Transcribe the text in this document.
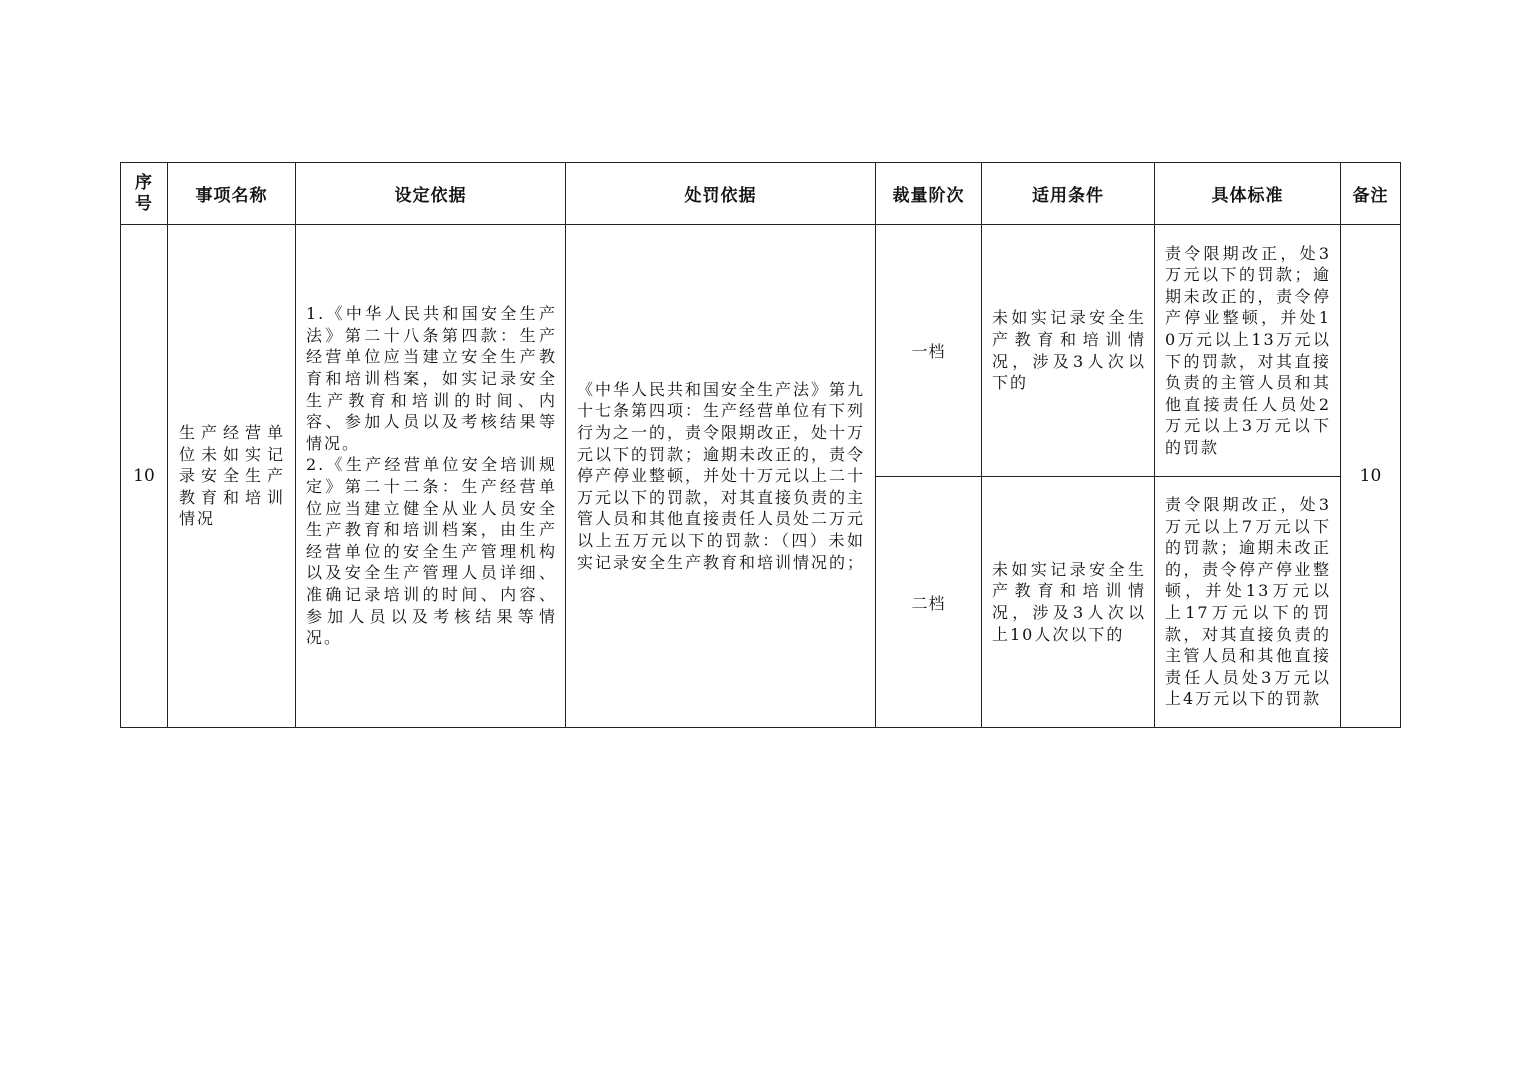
序
号	事项名称	设定依据	处罚依据	裁量阶次	适用条件	具体标准	备注
10	生产经营单位未如实记录安全生产教育和培训情况	1.《中华人民共和国安全生产法》第二十八条第四款：生产经营单位应当建立安全生产教育和培训档案，如实记录安全生产教育和培训的时间、内容、参加人员以及考核结果等情况。
2.《生产经营单位安全培训规定》第二十二条：生产经营单位应当建立健全从业人员安全生产教育和培训档案，由生产经营单位的安全生产管理机构以及安全生产管理人员详细、准确记录培训的时间、内容、参加人员以及考核结果等情况。	《中华人民共和国安全生产法》第九十七条第四项：生产经营单位有下列行为之一的，责令限期改正，处十万元以下的罚款；逾期未改正的，责令停产停业整顿，并处十万元以上二十万元以下的罚款，对其直接负责的主管人员和其他直接责任人员处二万元以上五万元以下的罚款：（四）未如实记录安全生产教育和培训情况的；	一档	未如实记录安全生产教育和培训情况，涉及3人次以下的	责令限期改正，处3万元以下的罚款；逾期未改正的，责令停产停业整顿，并处10万元以上13万元以下的罚款，对其直接负责的主管人员和其他直接责任人员处2万元以上3万元以下的罚款	10
				二档	未如实记录安全生产教育和培训情况，涉及3人次以上10人次以下的	责令限期改正，处3万元以上7万元以下的罚款；逾期未改正的，责令停产停业整顿，并处13万元以上17万元以下的罚款，对其直接负责的主管人员和其他直接责任人员处3万元以上4万元以下的罚款	
